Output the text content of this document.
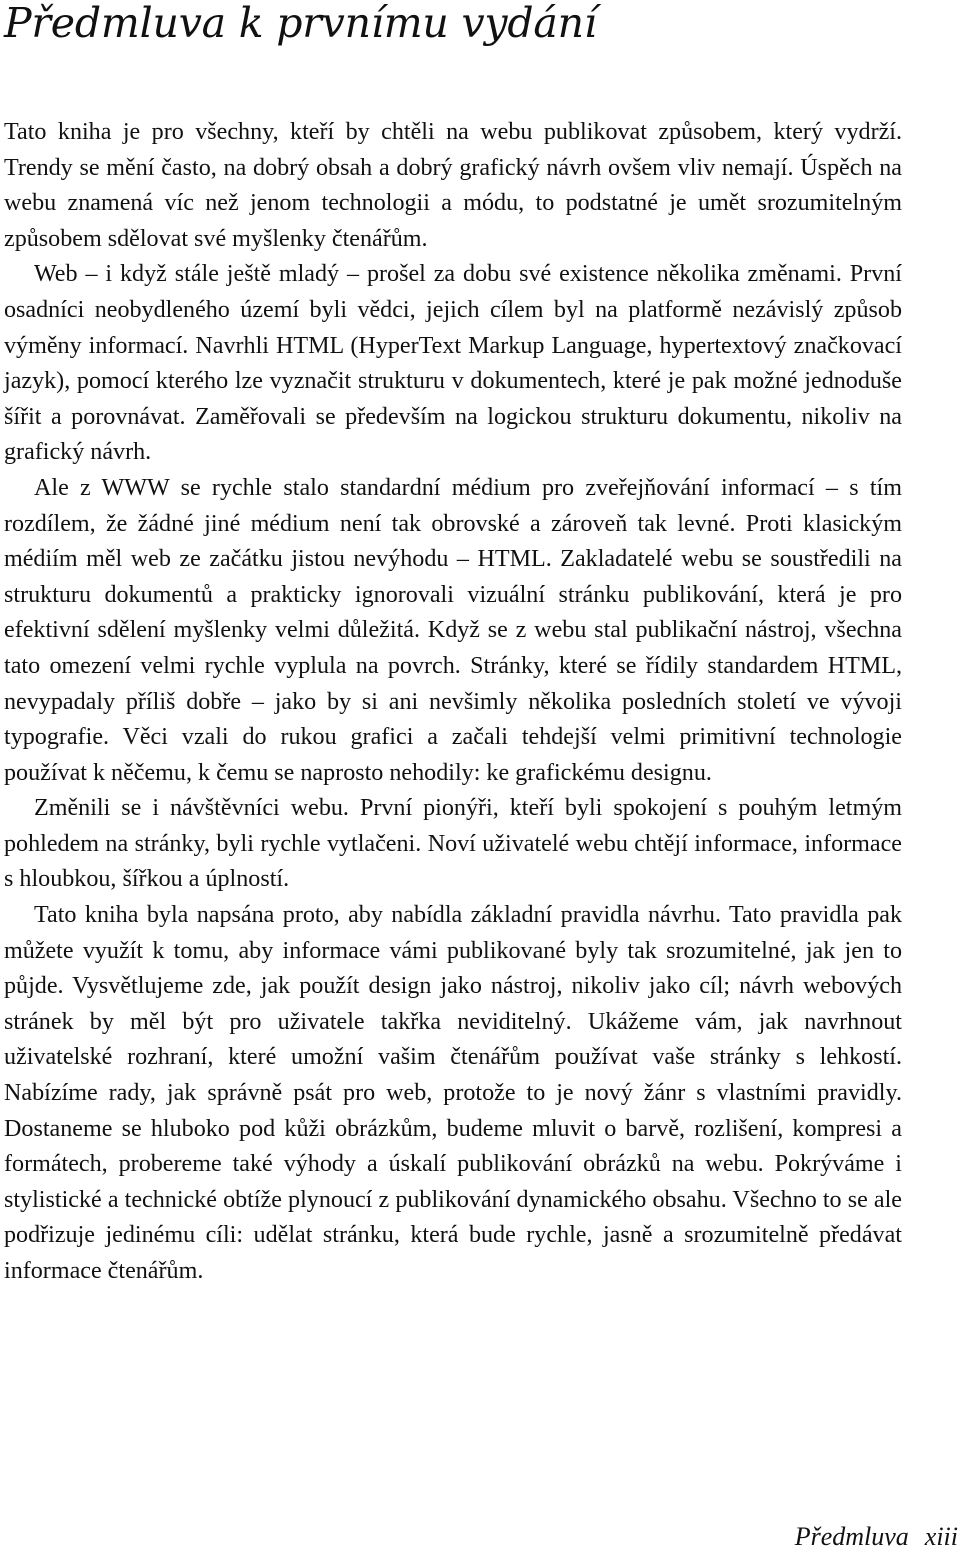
Předmluva k prvnímu vydání

Tato kniha je pro všechny, kteří by chtěli na webu publikovat způsobem, který vydrží. Trendy se mění často, na dobrý obsah a dobrý grafický návrh ovšem vliv nemají. Úspěch na webu znamená víc než jenom technologii a módu, to podstatné je umět srozumitelným způsobem sdělovat své myšlenky čtenářům.

Web – i když stále ještě mladý – prošel za dobu své existence několika změnami. První osadníci neobydleného území byli vědci, jejich cílem byl na platformě nezávislý způsob výměny informací. Navrhli HTML (HyperText Markup Language, hypertextový značkovací jazyk), pomocí kterého lze vyznačit strukturu v dokumentech, které je pak možné jednoduše šířit a porovnávat. Zaměřovali se především na logickou strukturu dokumentu, nikoliv na grafický návrh.

Ale z WWW se rychle stalo standardní médium pro zveřejňování informací – s tím rozdílem, že žádné jiné médium není tak obrovské a zároveň tak levné. Proti klasickým médiím měl web ze začátku jistou nevýhodu – HTML. Zakladatelé webu se soustředili na strukturu dokumentů a prakticky ignorovali vizuální stránku publikování, která je pro efektivní sdělení myšlenky velmi důležitá. Když se z webu stal publikační nástroj, všechna tato omezení velmi rychle vyplula na povrch. Stránky, které se řídily standardem HTML, nevypadaly příliš dobře – jako by si ani nevšimly několika posledních století ve vývoji typografie. Věci vzali do rukou grafici a začali tehdejší velmi primitivní technologie používat k něčemu, k čemu se naprosto nehodily: ke grafickému designu.

Změnili se i návštěvníci webu. První pionýři, kteří byli spokojení s pouhým letmým pohledem na stránky, byli rychle vytlačeni. Noví uživatelé webu chtějí informace, informace s hloubkou, šířkou a úplností.

Tato kniha byla napsána proto, aby nabídla základní pravidla návrhu. Tato pravidla pak můžete využít k tomu, aby informace vámi publikované byly tak srozumitelné, jak jen to půjde. Vysvětlujeme zde, jak použít design jako nástroj, nikoliv jako cíl; návrh webových stránek by měl být pro uživatele takřka neviditelný. Ukážeme vám, jak navrhnout uživatelské rozhraní, které umožní vašim čtenářům používat vaše stránky s lehkostí. Nabízíme rady, jak správně psát pro web, protože to je nový žánr s vlastními pravidly. Dostaneme se hluboko pod kůži obrázkům, budeme mluvit o barvě, rozlišení, kompresi a formátech, probereme také výhody a úskalí publikování obrázků na webu. Pokrýváme i stylistické a technické obtíže plynoucí z publikování dynamického obsahu. Všechno to se ale podřizuje jedinému cíli: udělat stránku, která bude rychle, jasně a srozumitelně předávat informace čtenářům.

Předmluva xiii
